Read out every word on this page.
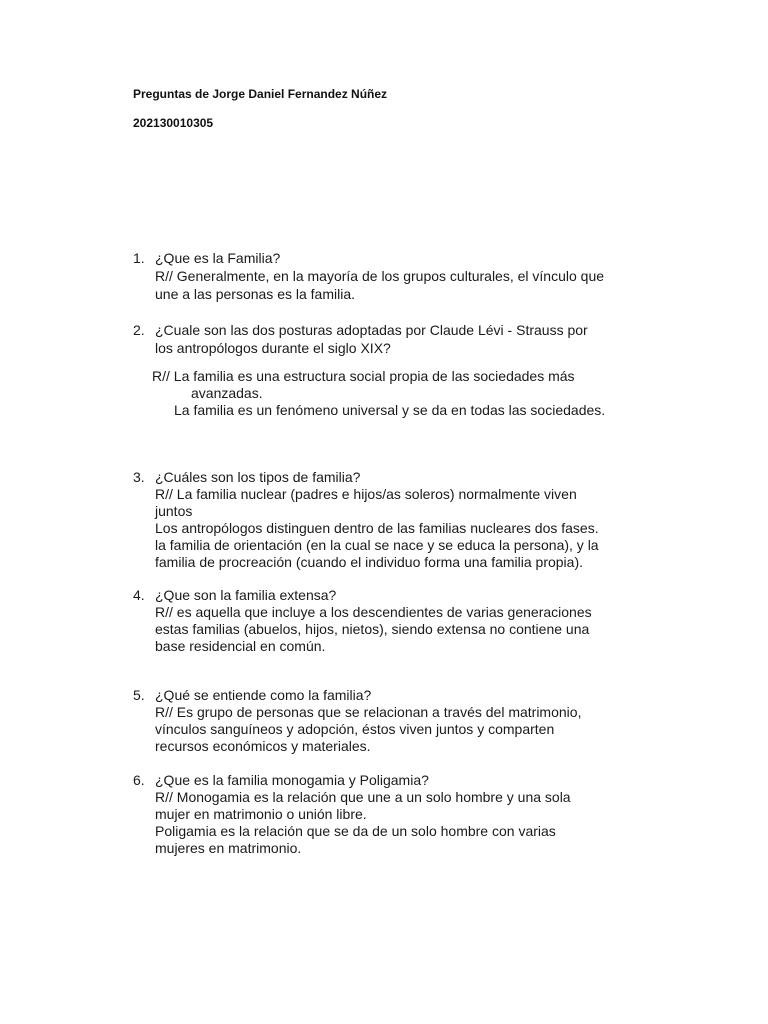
Preguntas de Jorge Daniel Fernandez Núñez
202130010305
1. ¿Que es la Familia?
R// Generalmente, en la mayoría de los grupos culturales, el vínculo que
une a las personas es la familia.
2. ¿Cuale son las dos posturas adoptadas por Claude Lévi - Strauss por
los antropólogos durante el siglo XIX?
R// La familia es una estructura social propia de las sociedades más
avanzadas.
La familia es un fenómeno universal y se da en todas las sociedades.
3. ¿Cuáles son los tipos de familia?
R// La familia nuclear (padres e hijos/as soleros) normalmente viven
juntos
Los antropólogos distinguen dentro de las familias nucleares dos fases.
la familia de orientación (en la cual se nace y se educa la persona), y la
familia de procreación (cuando el individuo forma una familia propia).
4. ¿Que son la familia extensa?
R// es aquella que incluye a los descendientes de varias generaciones
estas familias (abuelos, hijos, nietos), siendo extensa no contiene una
base residencial en común.
5. ¿Qué se entiende como la familia?
R// Es grupo de personas que se relacionan a través del matrimonio,
vínculos sanguíneos y adopción, éstos viven juntos y comparten
recursos económicos y materiales.
6. ¿Que es la familia monogamia y Poligamia?
R// Monogamia es la relación que une a un solo hombre y una sola
mujer en matrimonio o unión libre.
Poligamia es la relación que se da de un solo hombre con varias
mujeres en matrimonio.
